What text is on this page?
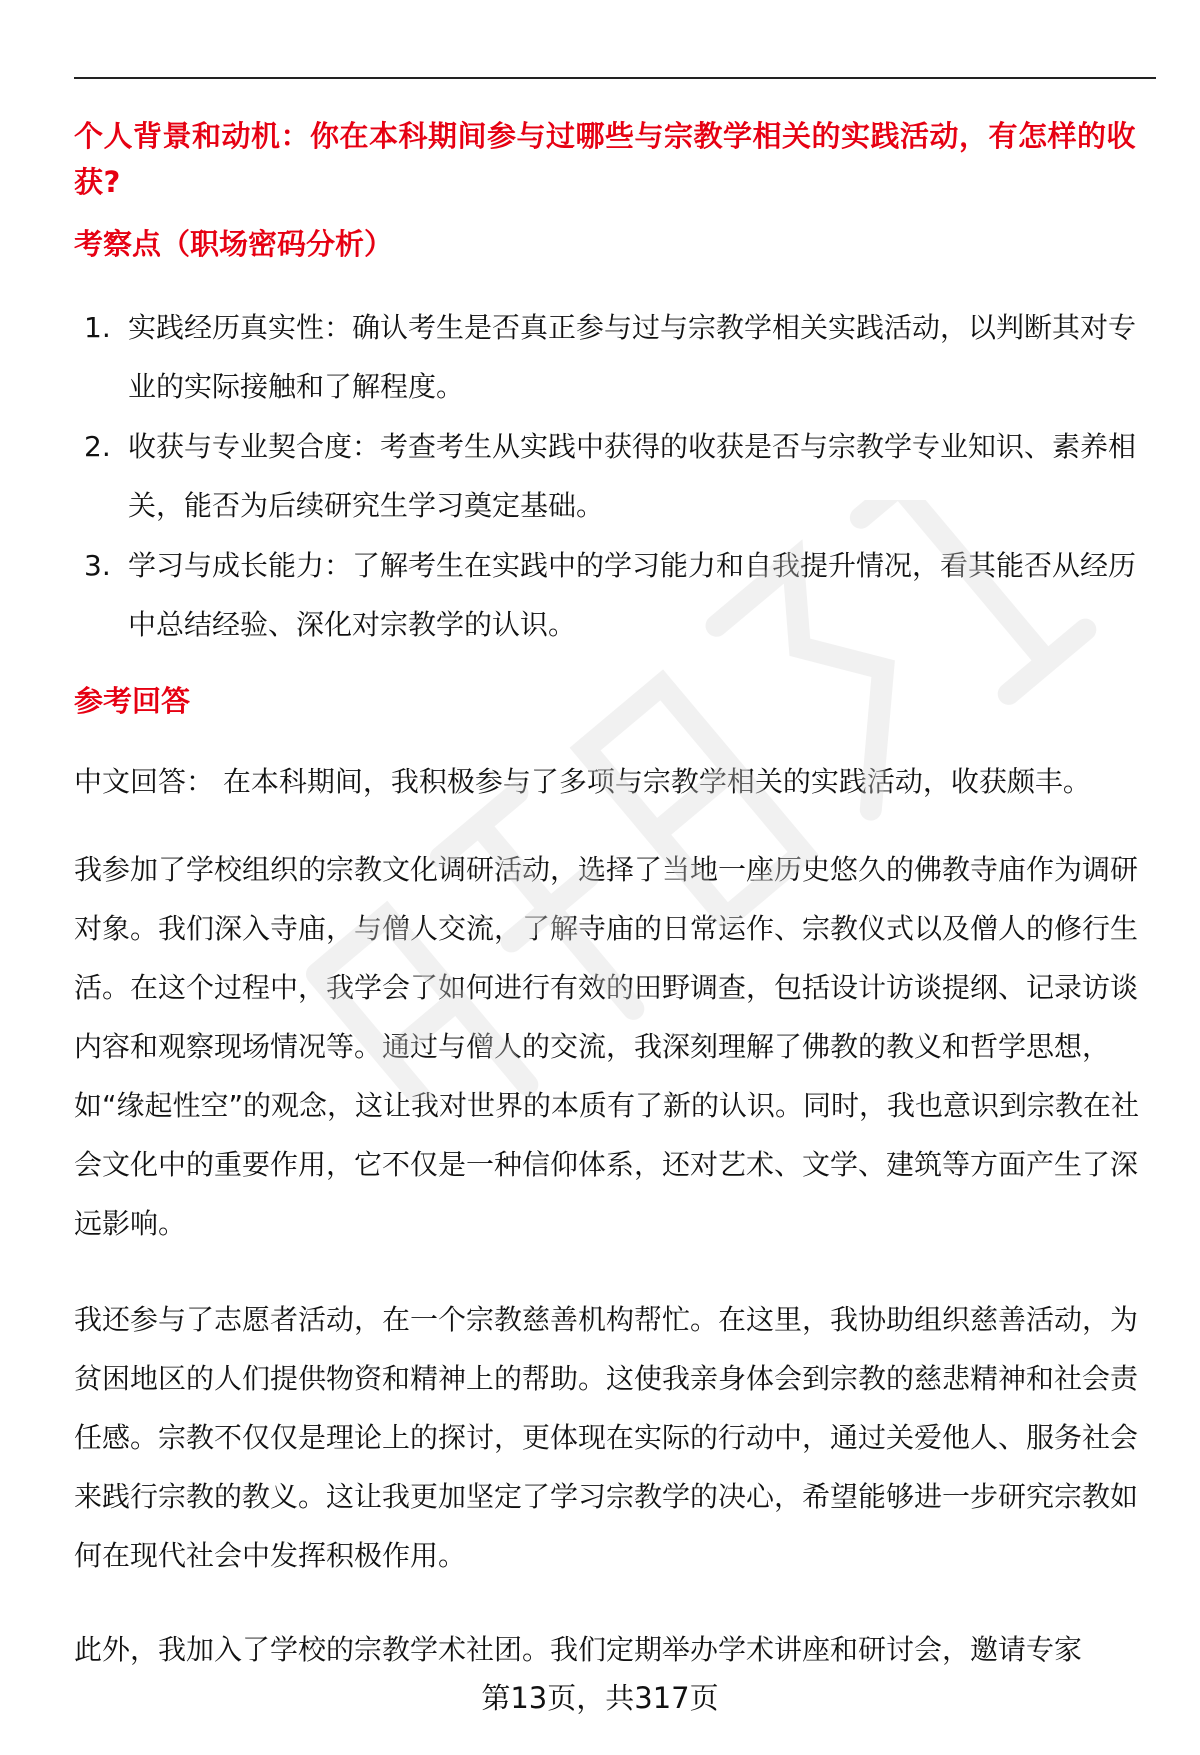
个人背景和动机：你在本科期间参与过哪些与宗教学相关的实践活动，有怎样的收获?
考察点（职场密码分析）
1. 实践经历真实性：确认考生是否真正参与过与宗教学相关实践活动，以判断其对专业的实际接触和了解程度。
2. 收获与专业契合度：考查考生从实践中获得的收获是否与宗教学专业知识、素养相关，能否为后续研究生学习奠定基础。
3. 学习与成长能力：了解考生在实践中的学习能力和自我提升情况，看其能否从经历中总结经验、深化对宗教学的认识。
参考回答

中文回答： 在本科期间，我积极参与了多项与宗教学相关的实践活动，收获颇丰。

我参加了学校组织的宗教文化调研活动，选择了当地一座历史悠久的佛教寺庙作为调研对象。我们深入寺庙，与僧人交流，了解寺庙的日常运作、宗教仪式以及僧人的修行生活。在这个过程中，我学会了如何进行有效的田野调查，包括设计访谈提纲、记录访谈内容和观察现场情况等。通过与僧人的交流，我深刻理解了佛教的教义和哲学思想，如“缘起性空”的观念，这让我对世界的本质有了新的认识。同时，我也意识到宗教在社会文化中的重要作用，它不仅是一种信仰体系，还对艺术、文学、建筑等方面产生了深远影响。

我还参与了志愿者活动，在一个宗教慈善机构帮忙。在这里，我协助组织慈善活动，为贫困地区的人们提供物资和精神上的帮助。这使我亲身体会到宗教的慈悲精神和社会责任感。宗教不仅仅是理论上的探讨，更体现在实际的行动中，通过关爱他人、服务社会来践行宗教的教义。这让我更加坚定了学习宗教学的决心，希望能够进一步研究宗教如何在现代社会中发挥积极作用。

此外，我加入了学校的宗教学术社团。我们定期举办学术讲座和研讨会，邀请专家

第13页，共317页
